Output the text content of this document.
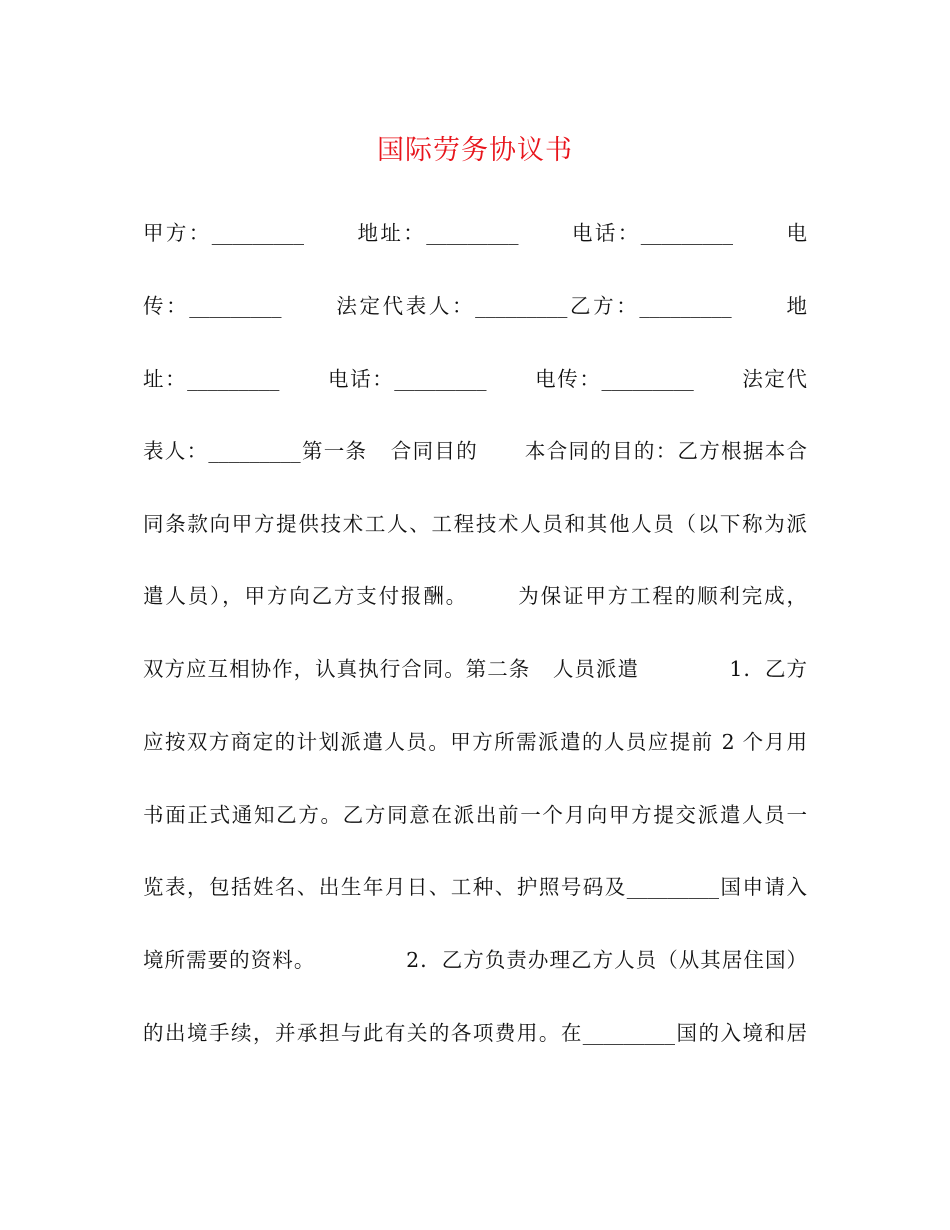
国际劳务协议书
甲方：_________      地址：_________      电话：_________      电
传：_________      法定代表人：_________乙方：_________      地
址：_________      电话：_________      电传：_________      法定代
表人：_________第一条   合同目的      本合同的目的：乙方根据本合
同条款向甲方提供技术工人、工程技术人员和其他人员（以下称为派
遣人员），甲方向乙方支付报酬。      为保证甲方工程的顺利完成，
双方应互相协作，认真执行合同。第二条   人员派遣            1．乙方
应按双方商定的计划派遣人员。甲方所需派遣的人员应提前 2 个月用
书面正式通知乙方。乙方同意在派出前一个月向甲方提交派遣人员一
览表，包括姓名、出生年月日、工种、护照号码及_________国申请入
境所需要的资料。            2．乙方负责办理乙方人员（从其居住国）
的出境手续，并承担与此有关的各项费用。在_________国的入境和居
